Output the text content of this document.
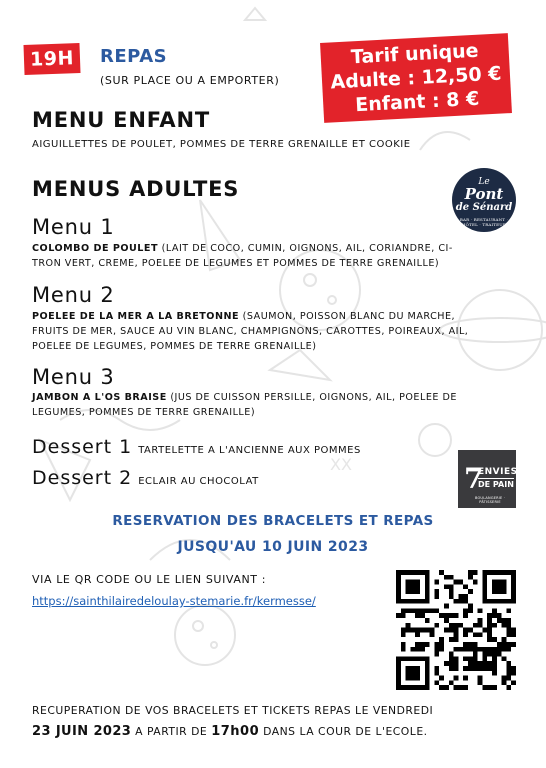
XX
19H	REPAS
(SUR PLACE OU A EMPORTER)
Tarif unique
Adulte : 12,50 €
Enfant : 8 €
MENU ENFANT
AIGUILLETTES DE POULET, POMMES DE TERRE GRENAILLE ET COOKIE
MENUS ADULTES	Le
Pont
de Sénard
BAR · RESTAURANT · HÔTEL · TRAITEUR
Menu 1
COLOMBO DE POULET (LAIT DE COCO, CUMIN, OIGNONS, AIL, CORIANDRE, CI-
TRON VERT, CREME, POELEE DE LEGUMES ET POMMES DE TERRE GRENAILLE)
Menu 2
POELEE DE LA MER A LA BRETONNE (SAUMON, POISSON BLANC DU MARCHE,
FRUITS DE MER, SAUCE AU VIN BLANC, CHAMPIGNONS, CAROTTES, POIREAUX, AIL,
POELEE DE LEGUMES, POMMES DE TERRE GRENAILLE)
Menu 3
JAMBON A L'OS BRAISE (JUS DE CUISSON PERSILLE, OIGNONS, AIL, POELEE DE
LEGUMES, POMMES DE TERRE GRENAILLE)
Dessert 1 TARTELETTE A L'ANCIENNE AUX POMMES
Dessert 2 ECLAIR AU CHOCOLAT	7
ENVIES
DE PAIN
BOULANGERIE · PÂTISSERIE
RESERVATION DES BRACELETS ET REPAS
JUSQU'AU 10 JUIN 2023
VIA LE QR CODE OU LE LIEN SUIVANT :
https://sainthilairedeloulay-stemarie.fr/kermesse/
RECUPERATION DE VOS BRACELETS ET TICKETS REPAS LE VENDREDI
23 JUIN 2023 A PARTIR DE 17h00 DANS LA COUR DE L'ECOLE.
